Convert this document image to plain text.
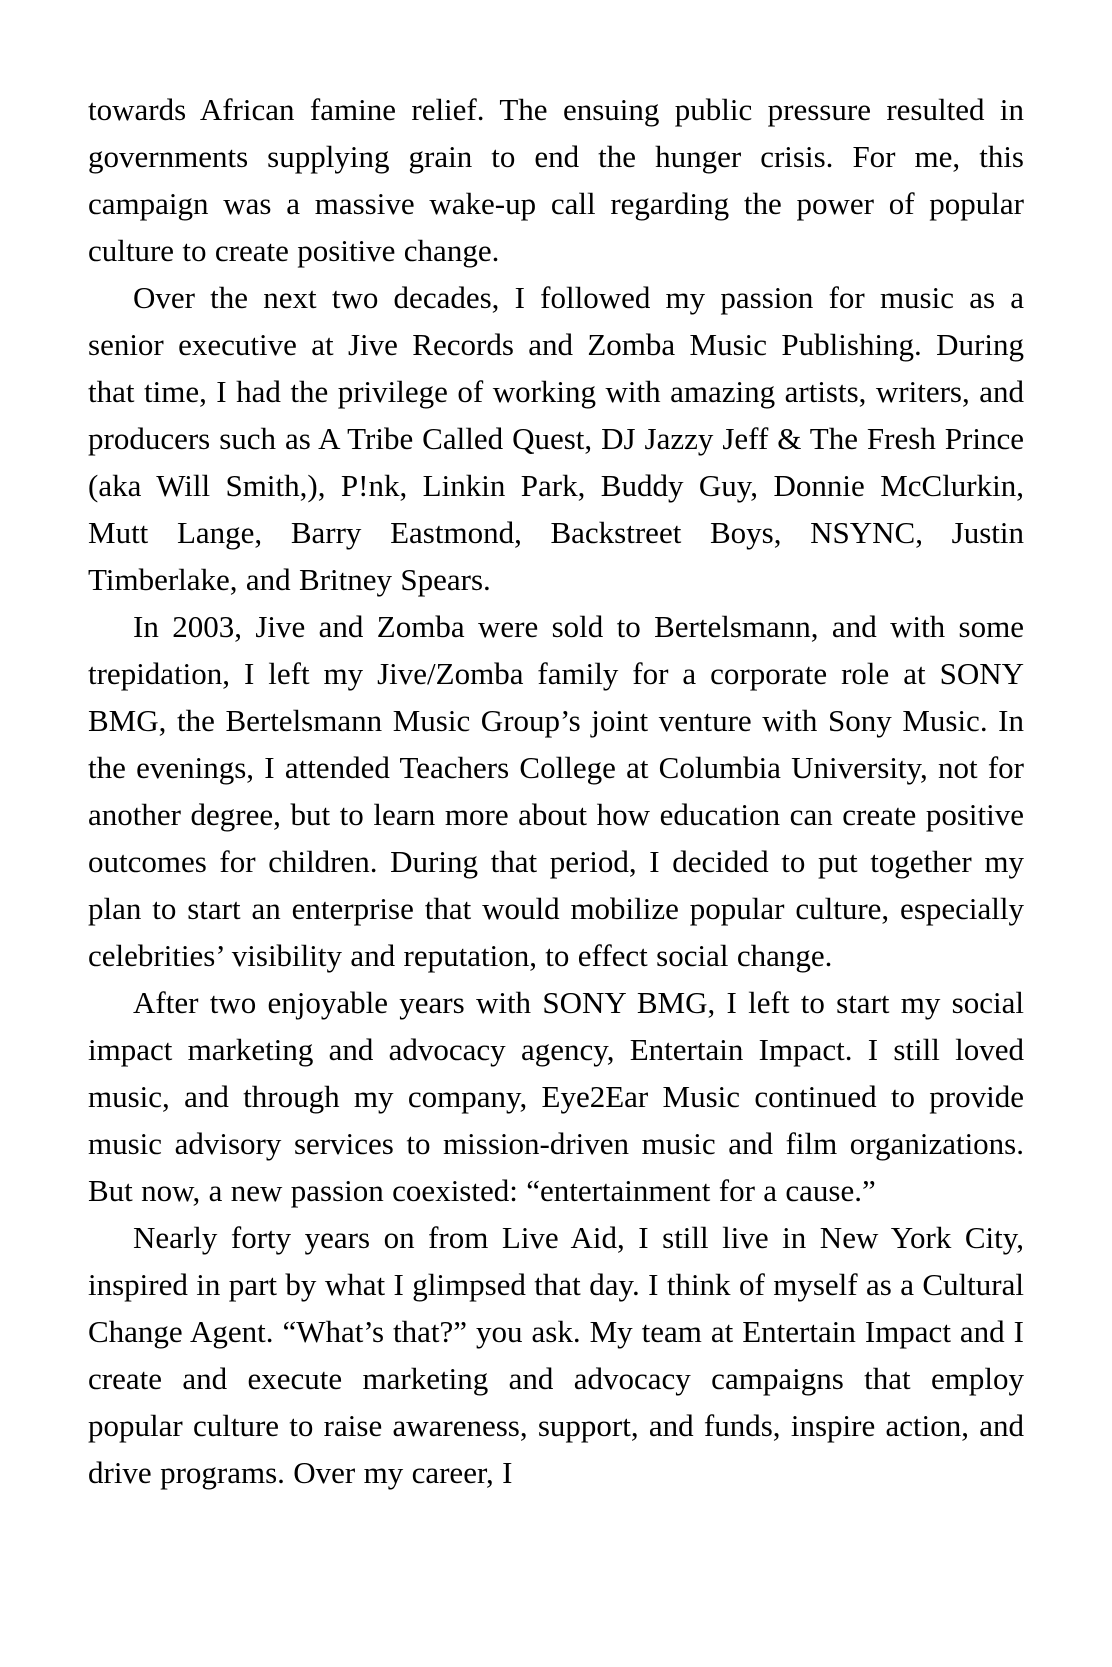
towards African famine relief. The ensuing public pressure resulted in governments supplying grain to end the hunger crisis. For me, this campaign was a massive wake-up call regarding the power of popular culture to create positive change.

Over the next two decades, I followed my passion for music as a senior executive at Jive Records and Zomba Music Publishing. During that time, I had the privilege of working with amazing artists, writers, and producers such as A Tribe Called Quest, DJ Jazzy Jeff & The Fresh Prince (aka Will Smith,), P!nk, Linkin Park, Buddy Guy, Donnie McClurkin, Mutt Lange, Barry Eastmond, Backstreet Boys, NSYNC, Justin Timberlake, and Britney Spears.

In 2003, Jive and Zomba were sold to Bertelsmann, and with some trepidation, I left my Jive/Zomba family for a corporate role at SONY BMG, the Bertelsmann Music Group’s joint venture with Sony Music. In the evenings, I attended Teachers College at Columbia University, not for another degree, but to learn more about how education can create positive outcomes for children. During that period, I decided to put together my plan to start an enterprise that would mobilize popular culture, especially celebrities’ visibility and reputation, to effect social change.

After two enjoyable years with SONY BMG, I left to start my social impact marketing and advocacy agency, Entertain Impact. I still loved music, and through my company, Eye2Ear Music continued to provide music advisory services to mission-driven music and film organizations. But now, a new passion coexisted: “entertainment for a cause.”

Nearly forty years on from Live Aid, I still live in New York City, inspired in part by what I glimpsed that day. I think of myself as a Cultural Change Agent. “What’s that?” you ask. My team at Entertain Impact and I create and execute marketing and advocacy campaigns that employ popular culture to raise awareness, support, and funds, inspire action, and drive programs. Over my career, I
